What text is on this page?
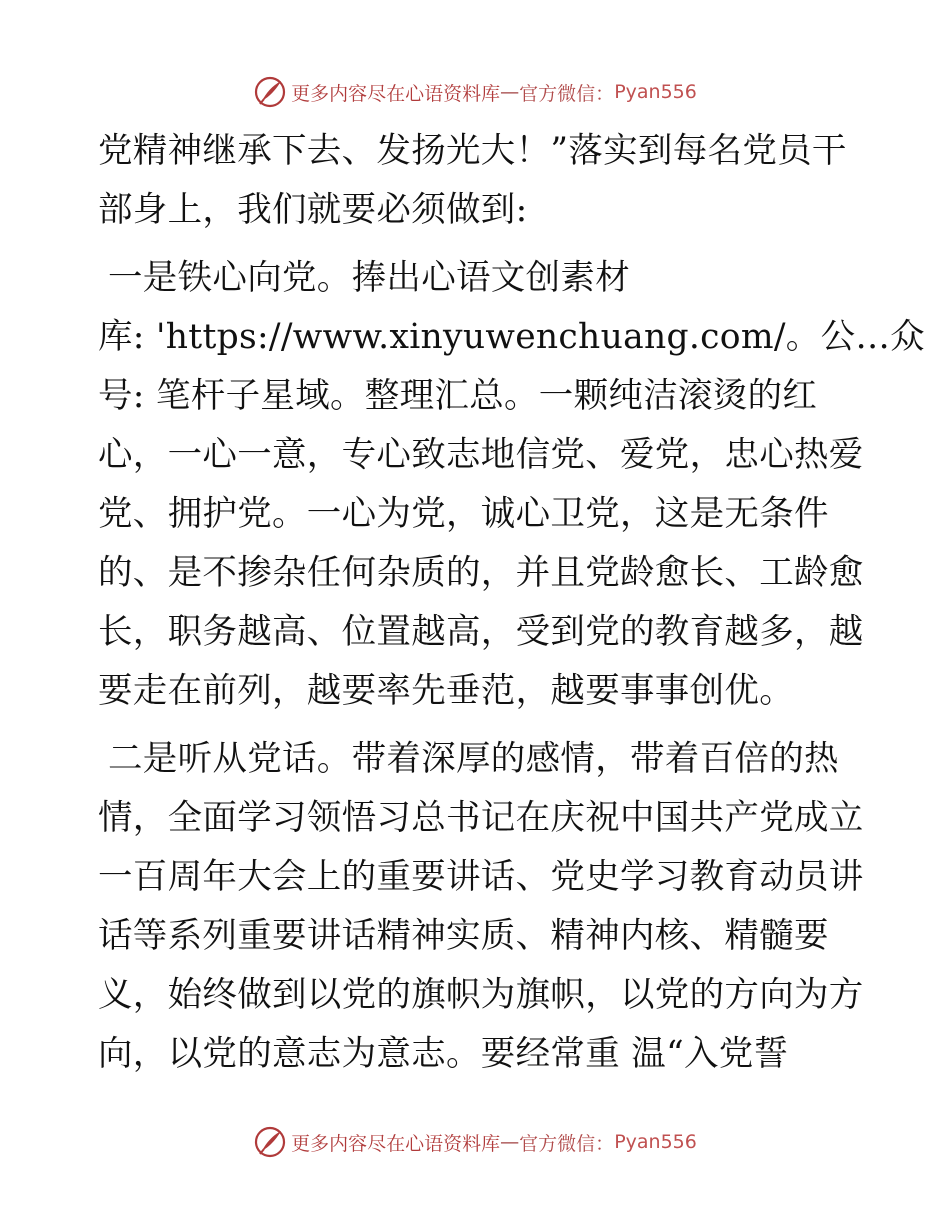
更多内容尽在心语资料库 — 官方微信： Pyan556
党精神继承下去、发扬光大！”落实到每名党员干
部身上，我们就要必须做到:
一是铁心向党。捧出心语文创素材
库: 'https://www.xinyuwenchuang.com/。公…众
号: 笔杆子星域。整理汇总。一颗纯洁滚烫的红
心，一心一意，专心致志地信党、爱党，忠心热爱
党、拥护党。一心为党，诚心卫党，这是无条件
的、是不掺杂任何杂质的，并且党龄愈长、工龄愈
长，职务越高、位置越高，受到党的教育越多，越
要走在前列，越要率先垂范，越要事事创优。
二是听从党话。带着深厚的感情，带着百倍的热
情，全面学习领悟习总书记在庆祝中国共产党成立
一百周年大会上的重要讲话、党史学习教育动员讲
话等系列重要讲话精神实质、精神内核、精髓要
义，始终做到以党的旗帜为旗帜，以党的方向为方
向，以党的意志为意志。要经常重 温“入党誓
更多内容尽在心语资料库 — 官方微信： Pyan556
